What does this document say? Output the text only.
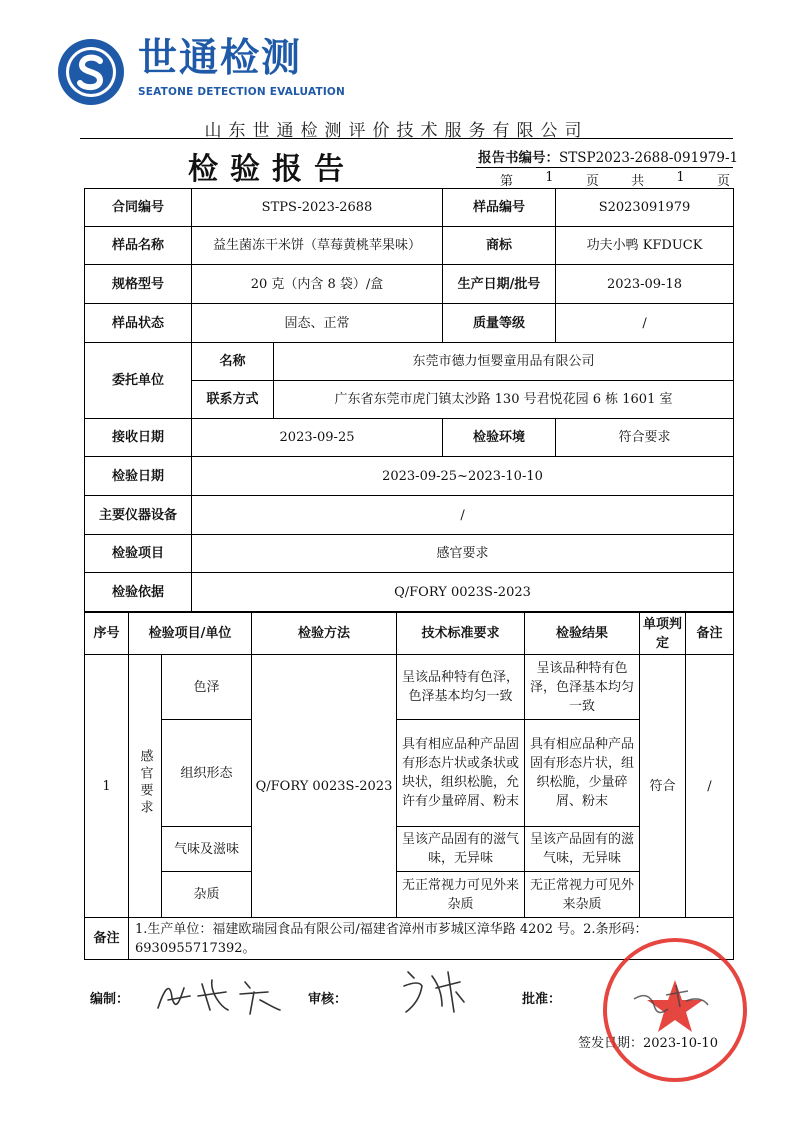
世通检测
SEATONE DETECTION EVALUATION
山东世通检测评价技术服务有限公司
检验报告	报告书编号：STSP2023-2688-091979-1
第 1 页 共 1 页
合同编号	STPS-2023-2688		样品编号	S2023091979
样品名称	益生菌冻干米饼（草莓黄桃苹果味）		商标	功夫小鸭 KFDUCK
规格型号	20 克（内含 8 袋）/盒		生产日期/批号	2023-09-18
样品状态	固态、正常		质量等级	/
委托单位	名称	东莞市德力恒婴童用品有限公司		
	联系方式	广东省东莞市虎门镇太沙路 130 号君悦花园 6 栋 1601 室		
接收日期	2023-09-25		检验环境	符合要求
检验日期	2023-09-25~2023-10-10			
主要仪器设备	/			
检验项目	感官要求			
检验依据	Q/FORY 0023S-2023			
序号	检验项目/单位		检验方法	技术标准要求	检验结果	单项判定	备注
1	感官要求	色泽	Q/FORY 0023S-2023	呈该品种特有色泽，色泽基本均匀一致	呈该品种特有色泽，色泽基本均匀一致	符合	/
		组织形态		具有相应品种产品固有形态片状或条状或块状，组织松脆，允许有少量碎屑、粉末	具有相应品种产品固有形态片状，组织松脆，少量碎屑、粉末		
		气味及滋味		呈该产品固有的滋气味，无异味	呈该产品固有的滋气味，无异味		
		杂质		无正常视力可见外来杂质	无正常视力可见外来杂质		
备注	1.生产单位：福建欧瑞园食品有限公司/福建省漳州市芗城区漳华路 4202 号。2.条形码：6930955717392。
编制：	审核：	批准：
签发日期：2023-10-10
